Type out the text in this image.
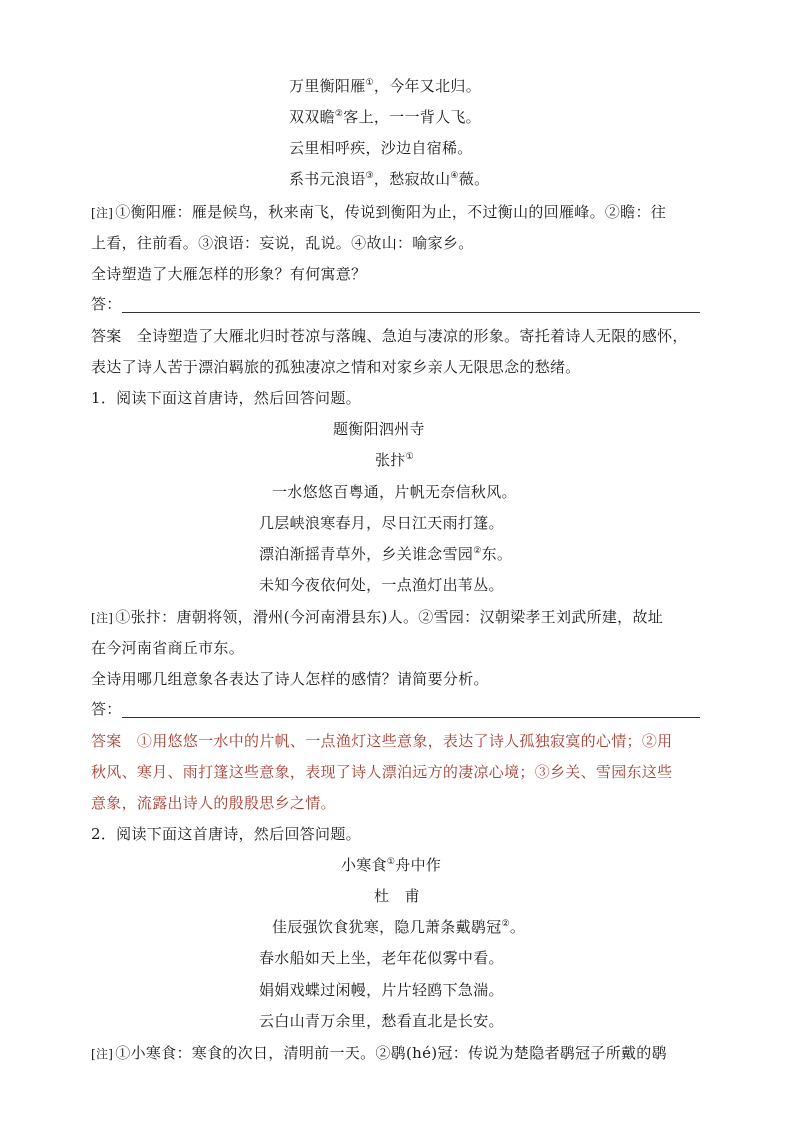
万里衡阳雁①，今年又北归。
双双瞻②客上，一一背人飞。
云里相呼疾，沙边自宿稀。
系书元浪语③，愁寂故山④薇。
[注] ①衡阳雁：雁是候鸟，秋来南飞，传说到衡阳为止，不过衡山的回雁峰。②瞻：往
上看，往前看。③浪语：妄说，乱说。④故山：喻家乡。
全诗塑造了大雁怎样的形象？有何寓意？
答：
答案　 全诗塑造了大雁北归时苍凉与落魄、急迫与凄凉的形象。寄托着诗人无限的感怀，
表达了诗人苦于漂泊羁旅的孤独凄凉之情和对家乡亲人无限思念的愁绪。
1．阅读下面这首唐诗，然后回答问题。
题衡阳泗州寺
张抃①
一水悠悠百粤通，片帆无奈信秋风。
几层峡浪寒春月，尽日江天雨打篷。
漂泊渐摇青草外，乡关谁念雪园②东。
未知今夜依何处，一点渔灯出苇丛。
[注] ①张抃：唐朝将领，滑州(今河南滑县东)人。②雪园：汉朝梁孝王刘武所建，故址
在今河南省商丘市东。
全诗用哪几组意象各表达了诗人怎样的感情？请简要分析。
答：
答案　 ①用悠悠一水中的片帆、一点渔灯这些意象，表达了诗人孤独寂寞的心情；②用
秋风、寒月、雨打篷这些意象，表现了诗人漂泊远方的凄凉心境；③乡关、雪园东这些
意象，流露出诗人的殷殷思乡之情。
2．阅读下面这首唐诗，然后回答问题。
小寒食①舟中作
杜　甫
佳辰强饮食犹寒，隐几萧条戴鹖冠②。
春水船如天上坐，老年花似雾中看。
娟娟戏蝶过闲幔，片片轻鸥下急湍。
云白山青万余里，愁看直北是长安。
[注] ①小寒食：寒食的次日，清明前一天。②鹖(hé)冠：传说为楚隐者鹖冠子所戴的鹖
